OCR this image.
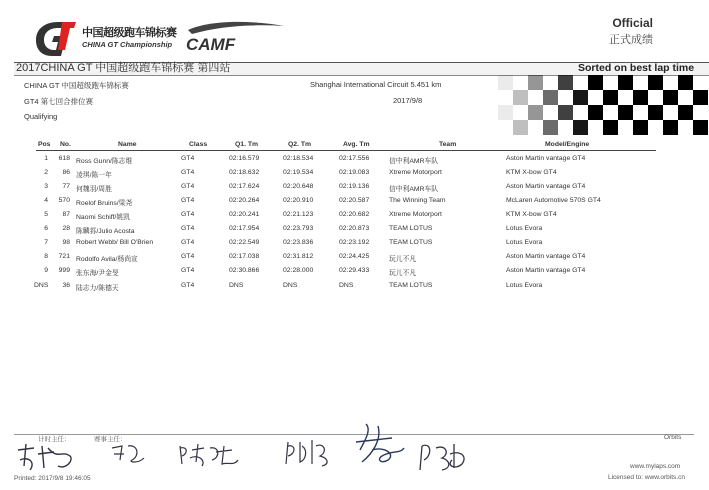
中国超级跑车锦标赛
CHINA GT Championship CAMF
Official
正式成绩
2017CHINA GT 中国超级跑车锦标赛 第四站	Sorted on best lap time
CHINA GT 中国超级跑车锦标赛	Shanghai International Circuit 5.451 km
GT4 第七回合排位赛	2017/9/8
Qualifying
Pos No.	Name	Class	Q1. Tm	Q2. Tm	Avg. Tm	Team	Model/Engine
1	618 Ross Gunn/陈志维	GT4	02:16.579	02:18.534	02:17.556	信中利AMR车队	Aston Martin vantage GT4
2	86 凌琪/陈一年	GT4	02:18.632	02:19.534	02:19.083	Xtreme Motorport	KTM X-bow GT4
3	77 何魏羽/周胜	GT4	02:17.624	02:20.648	02:19.136	信中利AMR车队	Aston Martin vantage GT4
4	570 Roelof Bruins/梁尧	GT4	02:20.264	02:20.910	02:20.587	The Winning Team	McLaren Automotive 570S GT4
5	87 Naomi Schiff/姚凯	GT4	02:20.241	02:21.123	02:20.682	Xtreme Motorport	KTM X-bow GT4
6	28 陈麟荪/Julio Acosta	GT4	02:17.954	02:23.793	02:20.873	TEAM LOTUS	Lotus Evora
7	98 Robert Webb/ Bill O'Brien	GT4	02:22.549	02:23.836	02:23.192	TEAM LOTUS	Lotus Evora
8	721 Rodolfo Avila/杨尚宣	GT4	02:17.038	02:31.812	02:24.425	玩儿不凡	Aston Martin vantage GT4
9	999 张东海/尹金旻	GT4	02:30.866	02:28.000	02:29.433	玩儿不凡	Aston Martin vantage GT4
DNS	36 陆志力/陈德天	GT4	DNS	DNS	DNS	TEAM LOTUS	Lotus Evora
计时主任：	赛事主任：	Orbits
Printed: 2017/9/8 19:46:05
www.mylaps.com
Licensed to: www.orbits.cn
